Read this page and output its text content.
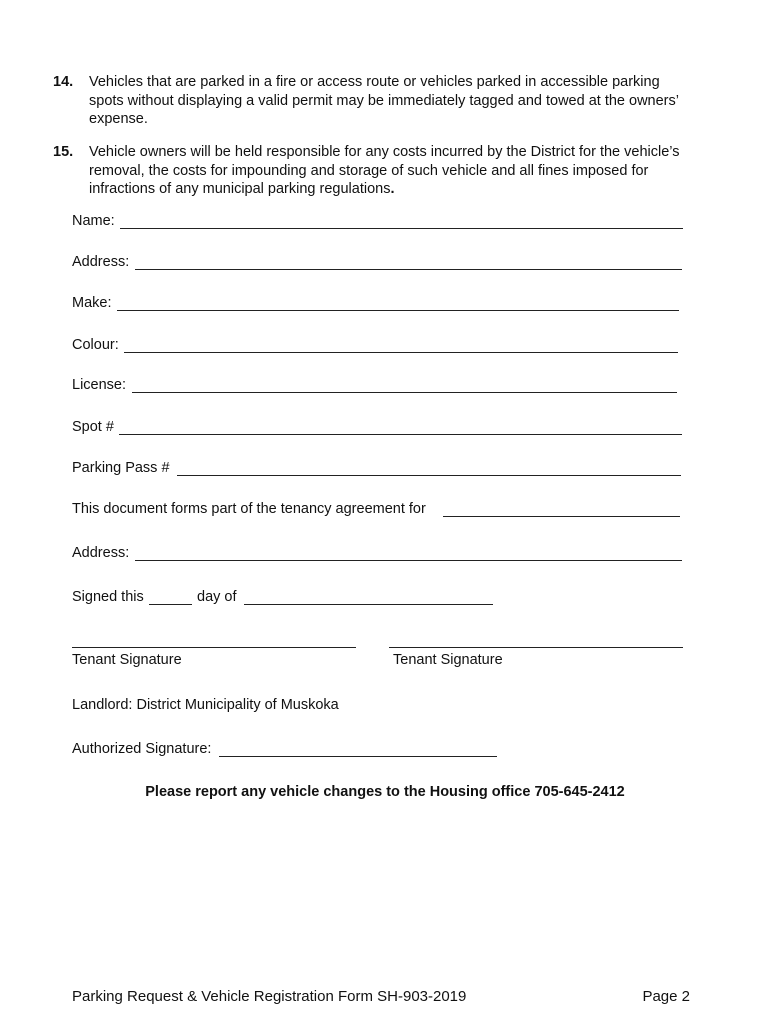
14. Vehicles that are parked in a fire or access route or vehicles parked in accessible parking spots without displaying a valid permit may be immediately tagged and towed at the owners’ expense.
15. Vehicle owners will be held responsible for any costs incurred by the District for the vehicle’s removal, the costs for impounding and storage of such vehicle and all fines imposed for infractions of any municipal parking regulations.
Name:
Address:
Make:
Colour:
License:
Spot #
Parking Pass #
This document forms part of the tenancy agreement for
Address:
Signed this	day of
Tenant Signature	Tenant Signature
Landlord: District Municipality of Muskoka
Authorized Signature:
Please report any vehicle changes to the Housing office 705-645-2412
Parking Request & Vehicle Registration Form SH-903-2019	Page 2
